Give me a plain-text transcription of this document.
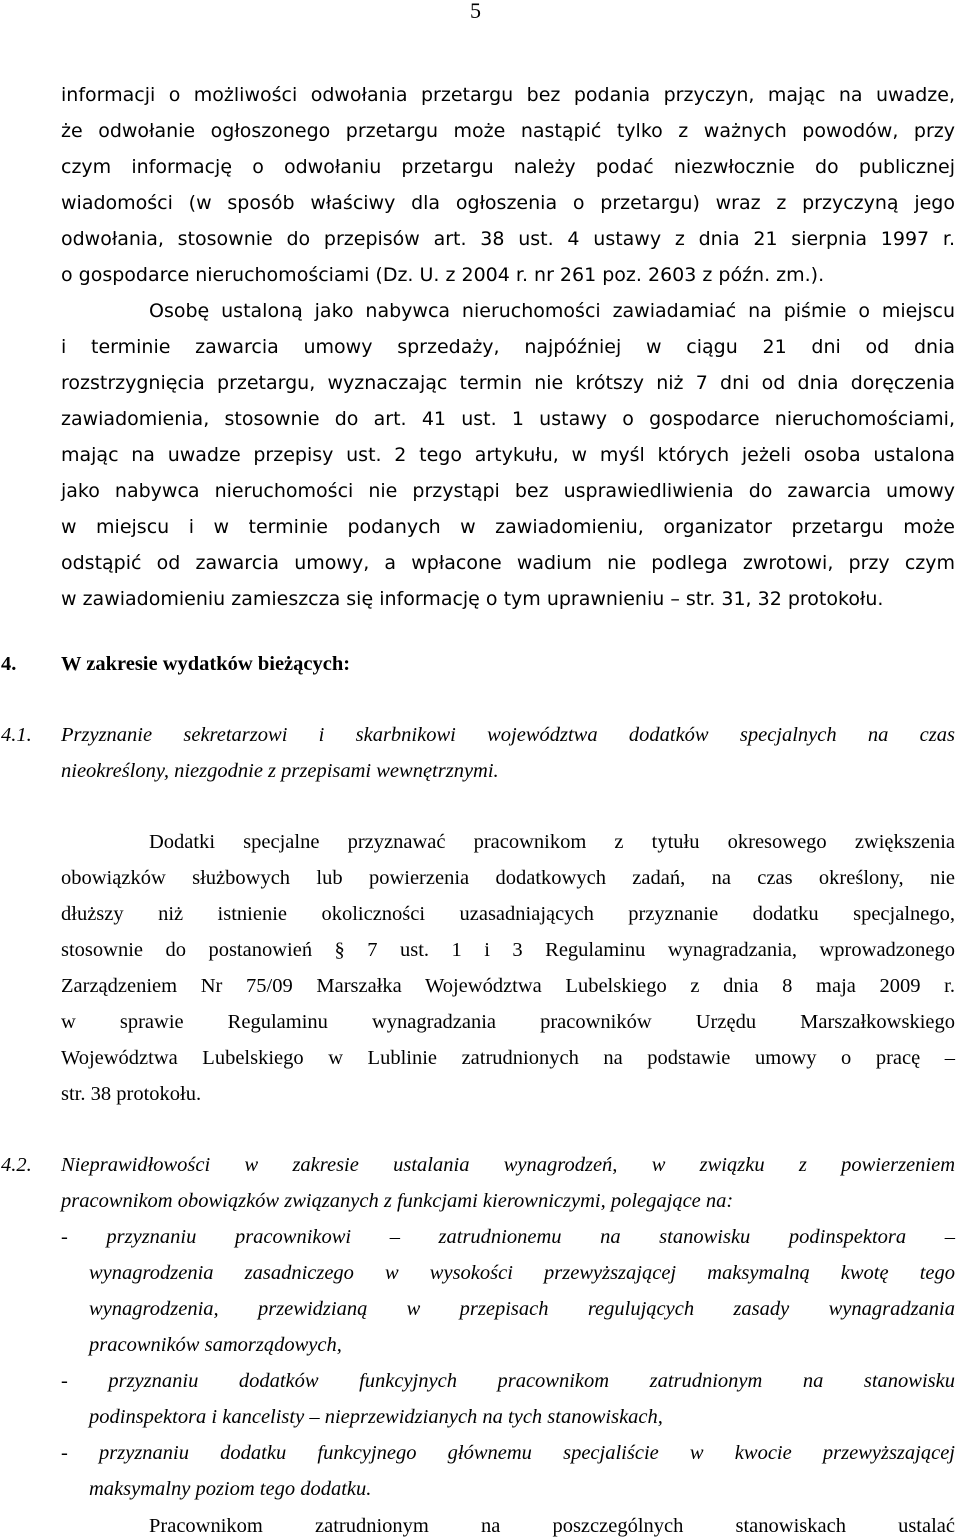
5
informacji o możliwości odwołania przetargu bez podania przyczyn, mając na uwadze,
że odwołanie ogłoszonego przetargu może nastąpić tylko z ważnych powodów, przy
czym informację o odwołaniu przetargu należy podać niezwłocznie do publicznej
wiadomości (w sposób właściwy dla ogłoszenia o przetargu) wraz z przyczyną jego
odwołania, stosownie do przepisów art. 38 ust. 4 ustawy z dnia 21 sierpnia 1997 r.
o gospodarce nieruchomościami (Dz. U. z 2004 r. nr 261 poz. 2603 z późn. zm.).
Osobę ustaloną jako nabywca nieruchomości zawiadamiać na piśmie o miejscu
i terminie zawarcia umowy sprzedaży, najpóźniej w ciągu 21 dni od dnia
rozstrzygnięcia przetargu, wyznaczając termin nie krótszy niż 7 dni od dnia doręczenia
zawiadomienia, stosownie do art. 41 ust. 1 ustawy o gospodarce nieruchomościami,
mając na uwadze przepisy ust. 2 tego artykułu, w myśl których jeżeli osoba ustalona
jako nabywca nieruchomości nie przystąpi bez usprawiedliwienia do zawarcia umowy
w miejscu i w terminie podanych w zawiadomieniu, organizator przetargu może
odstąpić od zawarcia umowy, a wpłacone wadium nie podlega zwrotowi, przy czym
w zawiadomieniu zamieszcza się informację o tym uprawnieniu – str. 31, 32 protokołu.
4. W zakresie wydatków bieżących:
4.1. Przyznanie sekretarzowi i skarbnikowi województwa dodatków specjalnych na czas
nieokreślony, niezgodnie z przepisami wewnętrznymi.
Dodatki specjalne przyznawać pracownikom z tytułu okresowego zwiększenia
obowiązków służbowych lub powierzenia dodatkowych zadań, na czas określony, nie
dłuższy niż istnienie okoliczności uzasadniających przyznanie dodatku specjalnego,
stosownie do postanowień § 7 ust. 1 i 3 Regulaminu wynagradzania, wprowadzonego
Zarządzeniem Nr 75/09 Marszałka Województwa Lubelskiego z dnia 8 maja 2009 r.
w sprawie Regulaminu wynagradzania pracowników Urzędu Marszałkowskiego
Województwa Lubelskiego w Lublinie zatrudnionych na podstawie umowy o pracę –
str. 38 protokołu.
4.2. Nieprawidłowości w zakresie ustalania wynagrodzeń, w związku z powierzeniem
pracownikom obowiązków związanych z funkcjami kierowniczymi, polegające na:
- przyznaniu pracownikowi – zatrudnionemu na stanowisku podinspektora –
wynagrodzenia zasadniczego w wysokości przewyższającej maksymalną kwotę tego
wynagrodzenia, przewidzianą w przepisach regulujących zasady wynagradzania
pracowników samorządowych,
- przyznaniu dodatków funkcyjnych pracownikom zatrudnionym na stanowisku
podinspektora i kancelisty – nieprzewidzianych na tych stanowiskach,
- przyznaniu dodatku funkcyjnego głównemu specjaliście w kwocie przewyższającej
maksymalny poziom tego dodatku.
Pracownikom zatrudnionym na poszczególnych stanowiskach ustalać
